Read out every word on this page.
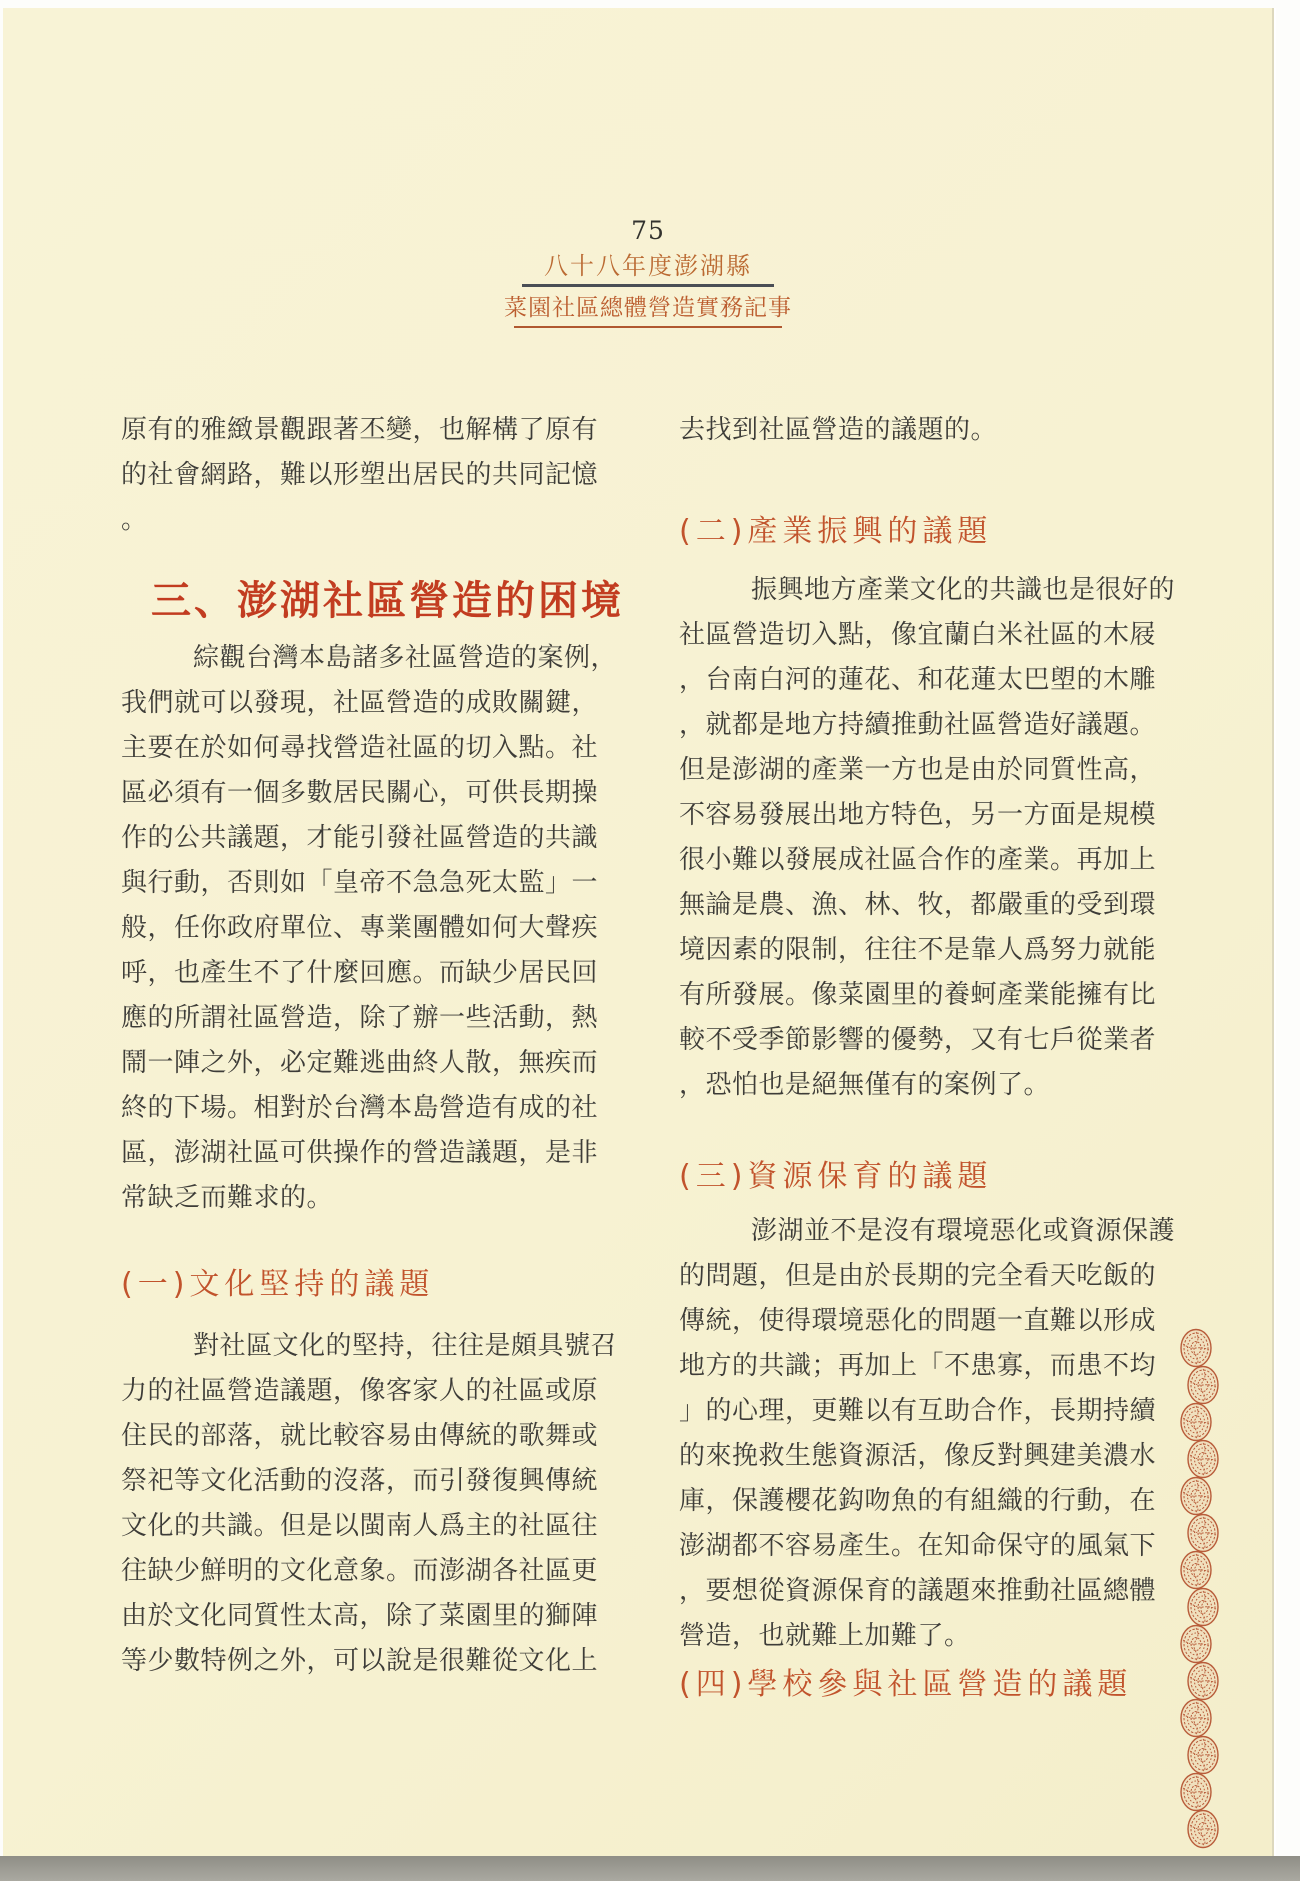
75
八十八年度澎湖縣
菜園社區總體營造實務記事
原有的雅緻景觀跟著丕變，也解構了原有
的社會網路，難以形塑出居民的共同記憶
。
三、澎湖社區營造的困境
綜觀台灣本島諸多社區營造的案例，
我們就可以發現，社區營造的成敗關鍵，
主要在於如何尋找營造社區的切入點。社
區必須有一個多數居民關心，可供長期操
作的公共議題，才能引發社區營造的共識
與行動，否則如「皇帝不急急死太監」一
般，任你政府單位、專業團體如何大聲疾
呼，也產生不了什麼回應。而缺少居民回
應的所謂社區營造，除了辦一些活動，熱
鬧一陣之外，必定難逃曲終人散，無疾而
終的下場。相對於台灣本島營造有成的社
區，澎湖社區可供操作的營造議題，是非
常缺乏而難求的。
(一)文化堅持的議題
對社區文化的堅持，往往是頗具號召
力的社區營造議題，像客家人的社區或原
住民的部落，就比較容易由傳統的歌舞或
祭祀等文化活動的沒落，而引發復興傳統
文化的共識。但是以閩南人爲主的社區往
往缺少鮮明的文化意象。而澎湖各社區更
由於文化同質性太高，除了菜園里的獅陣
等少數特例之外，可以說是很難從文化上
去找到社區營造的議題的。
(二)產業振興的議題
振興地方產業文化的共識也是很好的
社區營造切入點，像宜蘭白米社區的木屐
，台南白河的蓮花、和花蓮太巴塱的木雕
，就都是地方持續推動社區營造好議題。
但是澎湖的產業一方也是由於同質性高，
不容易發展出地方特色，另一方面是規模
很小難以發展成社區合作的產業。再加上
無論是農、漁、林、牧，都嚴重的受到環
境因素的限制，往往不是靠人爲努力就能
有所發展。像菜園里的養蚵產業能擁有比
較不受季節影響的優勢，又有七戶從業者
，恐怕也是絕無僅有的案例了。
(三)資源保育的議題
澎湖並不是沒有環境惡化或資源保護
的問題，但是由於長期的完全看天吃飯的
傳統，使得環境惡化的問題一直難以形成
地方的共識；再加上「不患寡，而患不均
」的心理，更難以有互助合作，長期持續
的來挽救生態資源活，像反對興建美濃水
庫，保護櫻花鈎吻魚的有組織的行動，在
澎湖都不容易產生。在知命保守的風氣下
，要想從資源保育的議題來推動社區總體
營造，也就難上加難了。
(四)學校參與社區營造的議題
